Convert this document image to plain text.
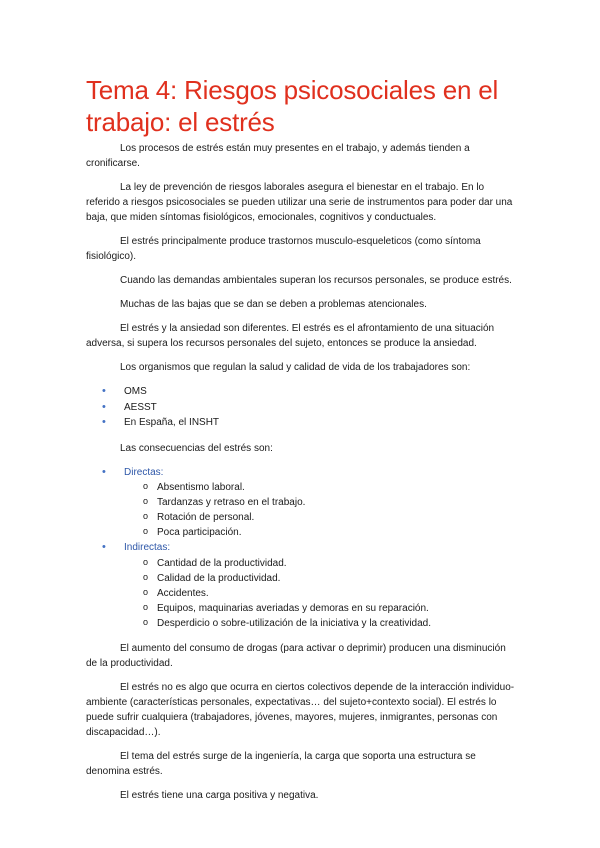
Tema 4: Riesgos psicosociales en el trabajo: el estrés

Los procesos de estrés están muy presentes en el trabajo, y además tienden a cronificarse.

La ley de prevención de riesgos laborales asegura el bienestar en el trabajo. En lo referido a riesgos psicosociales se pueden utilizar una serie de instrumentos para poder dar una baja, que miden síntomas fisiológicos, emocionales, cognitivos y conductuales.

El estrés principalmente produce trastornos musculo-esqueleticos (como síntoma fisiológico).

Cuando las demandas ambientales superan los recursos personales, se produce estrés.

Muchas de las bajas que se dan se deben a problemas atencionales.

El estrés y la ansiedad son diferentes. El estrés es el afrontamiento de una situación adversa, si supera los recursos personales del sujeto, entonces se produce la ansiedad.

Los organismos que regulan la salud y calidad de vida de los trabajadores son:

• OMS
• AESST
• En España, el INSHT

Las consecuencias del estrés son:

• Directas:
o Absentismo laboral.
o Tardanzas y retraso en el trabajo.
o Rotación de personal.
o Poca participación.
• Indirectas:
o Cantidad de la productividad.
o Calidad de la productividad.
o Accidentes.
o Equipos, maquinarias averiadas y demoras en su reparación.
o Desperdicio o sobre-utilización de la iniciativa y la creatividad.

El aumento del consumo de drogas (para activar o deprimir) producen una disminución de la productividad.

El estrés no es algo que ocurra en ciertos colectivos depende de la interacción individuo-ambiente (características personales, expectativas… del sujeto+contexto social). El estrés lo puede sufrir cualquiera (trabajadores, jóvenes, mayores, mujeres, inmigrantes, personas con discapacidad…).

El tema del estrés surge de la ingeniería, la carga que soporta una estructura se denomina estrés.

El estrés tiene una carga positiva y negativa.
